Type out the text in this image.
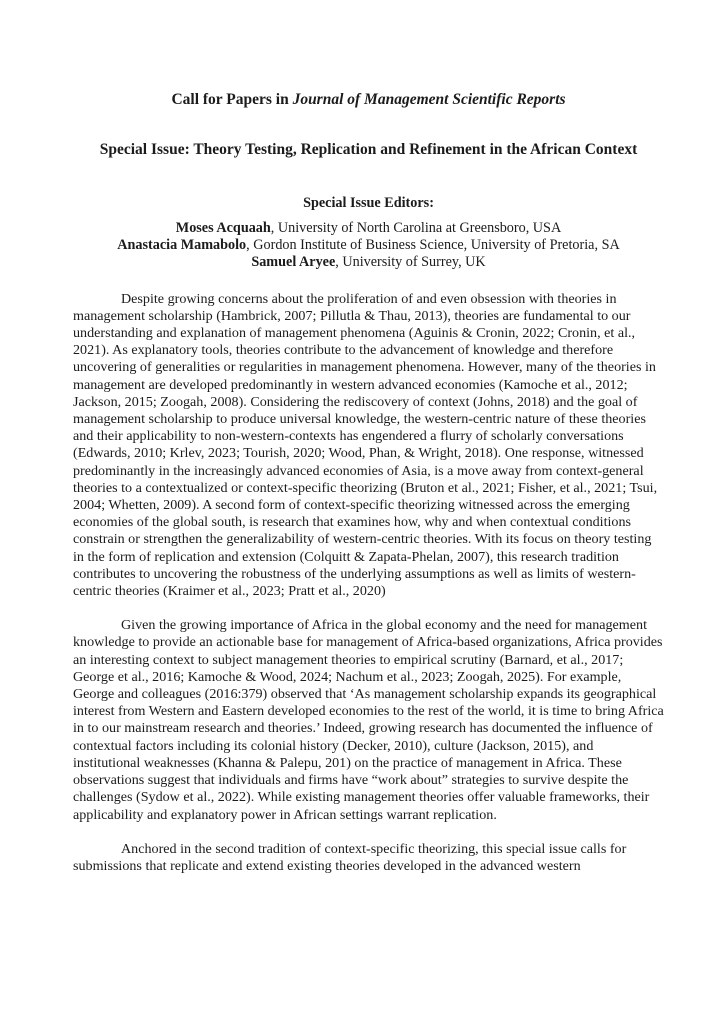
Call for Papers in Journal of Management Scientific Reports
Special Issue: Theory Testing, Replication and Refinement in the African Context
Special Issue Editors:
Moses Acquaah, University of North Carolina at Greensboro, USA
Anastacia Mamabolo, Gordon Institute of Business Science, University of Pretoria, SA
Samuel Aryee, University of Surrey, UK

Despite growing concerns about the proliferation of and even obsession with theories in management scholarship (Hambrick, 2007; Pillutla & Thau, 2013), theories are fundamental to our understanding and explanation of management phenomena (Aguinis & Cronin, 2022; Cronin, et al., 2021). As explanatory tools, theories contribute to the advancement of knowledge and therefore uncovering of generalities or regularities in management phenomena. However, many of the theories in management are developed predominantly in western advanced economies (Kamoche et al., 2012; Jackson, 2015; Zoogah, 2008). Considering the rediscovery of context (Johns, 2018) and the goal of management scholarship to produce universal knowledge, the western-centric nature of these theories and their applicability to non-western-contexts has engendered a flurry of scholarly conversations (Edwards, 2010; Krlev, 2023; Tourish, 2020; Wood, Phan, & Wright, 2018). One response, witnessed predominantly in the increasingly advanced economies of Asia, is a move away from context-general theories to a contextualized or context-specific theorizing (Bruton et al., 2021; Fisher, et al., 2021; Tsui, 2004; Whetten, 2009). A second form of context-specific theorizing witnessed across the emerging economies of the global south, is research that examines how, why and when contextual conditions constrain or strengthen the generalizability of western-centric theories. With its focus on theory testing in the form of replication and extension (Colquitt & Zapata-Phelan, 2007), this research tradition contributes to uncovering the robustness of the underlying assumptions as well as limits of western-centric theories (Kraimer et al., 2023; Pratt et al., 2020)

Given the growing importance of Africa in the global economy and the need for management knowledge to provide an actionable base for management of Africa-based organizations, Africa provides an interesting context to subject management theories to empirical scrutiny (Barnard, et al., 2017; George et al., 2016; Kamoche & Wood, 2024; Nachum et al., 2023; Zoogah, 2025). For example, George and colleagues (2016:379) observed that ‘As management scholarship expands its geographical interest from Western and Eastern developed economies to the rest of the world, it is time to bring Africa in to our mainstream research and theories.’ Indeed, growing research has documented the influence of contextual factors including its colonial history (Decker, 2010), culture (Jackson, 2015), and institutional weaknesses (Khanna & Palepu, 201) on the practice of management in Africa. These observations suggest that individuals and firms have “work about” strategies to survive despite the challenges (Sydow et al., 2022). While existing management theories offer valuable frameworks, their applicability and explanatory power in African settings warrant replication.

Anchored in the second tradition of context-specific theorizing, this special issue calls for submissions that replicate and extend existing theories developed in the advanced western
